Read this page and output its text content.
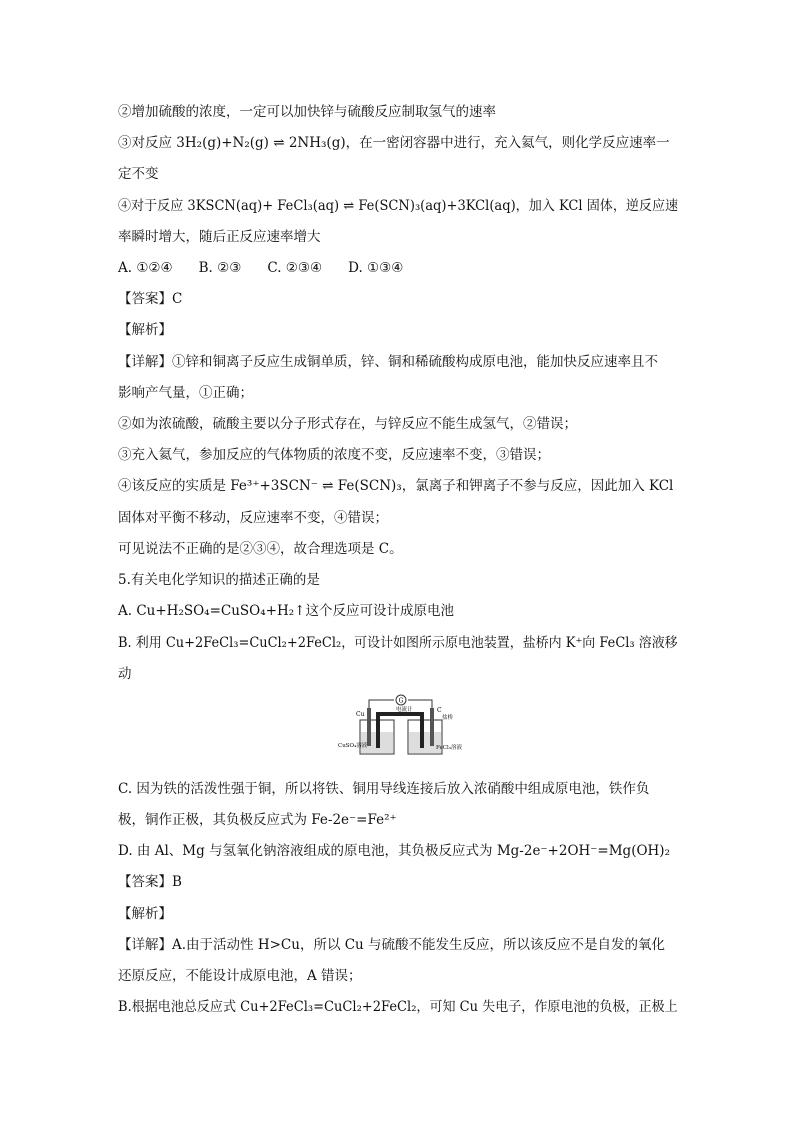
②增加硫酸的浓度，一定可以加快锌与硫酸反应制取氢气的速率
③对反应 3H₂(g)+N₂(g) ⇌ 2NH₃(g)，在一密闭容器中进行，充入氦气，则化学反应速率一
定不变
④对于反应 3KSCN(aq)+ FeCl₃(aq) ⇌ Fe(SCN)₃(aq)+3KCl(aq)，加入 KCl 固体，逆反应速
率瞬时增大，随后正反应速率增大
A. ①②④ B. ②③ C. ②③④ D. ①③④
【答案】C
【解析】
【详解】①锌和铜离子反应生成铜单质，锌、铜和稀硫酸构成原电池，能加快反应速率且不
影响产气量，①正确；
②如为浓硫酸，硫酸主要以分子形式存在，与锌反应不能生成氢气，②错误；
③充入氦气，参加反应的气体物质的浓度不变，反应速率不变，③错误；
④该反应的实质是 Fe³⁺+3SCN⁻ ⇌ Fe(SCN)₃，氯离子和钾离子不参与反应，因此加入 KCl
固体对平衡不移动，反应速率不变，④错误；
可见说法不正确的是②③④，故合理选项是 C。
5.有关电化学知识的描述正确的是
A. Cu+H₂SO₄=CuSO₄+H₂↑这个反应可设计成原电池
B. 利用 Cu+2FeCl₃=CuCl₂+2FeCl₂，可设计如图所示原电池装置，盐桥内 K⁺向 FeCl₃ 溶液移
动
G
电流计
Cu
C
盐桥
CuSO₄溶液	FeCl₃溶液
C. 因为铁的活泼性强于铜，所以将铁、铜用导线连接后放入浓硝酸中组成原电池，铁作负
极，铜作正极，其负极反应式为 Fe-2e⁻=Fe²⁺
D. 由 Al、Mg 与氢氧化钠溶液组成的原电池，其负极反应式为 Mg-2e⁻+2OH⁻=Mg(OH)₂
【答案】B
【解析】
【详解】A.由于活动性 H>Cu，所以 Cu 与硫酸不能发生反应，所以该反应不是自发的氧化
还原反应，不能设计成原电池，A 错误；
B.根据电池总反应式 Cu+2FeCl₃=CuCl₂+2FeCl₂，可知 Cu 失电子，作原电池的负极，正极上
